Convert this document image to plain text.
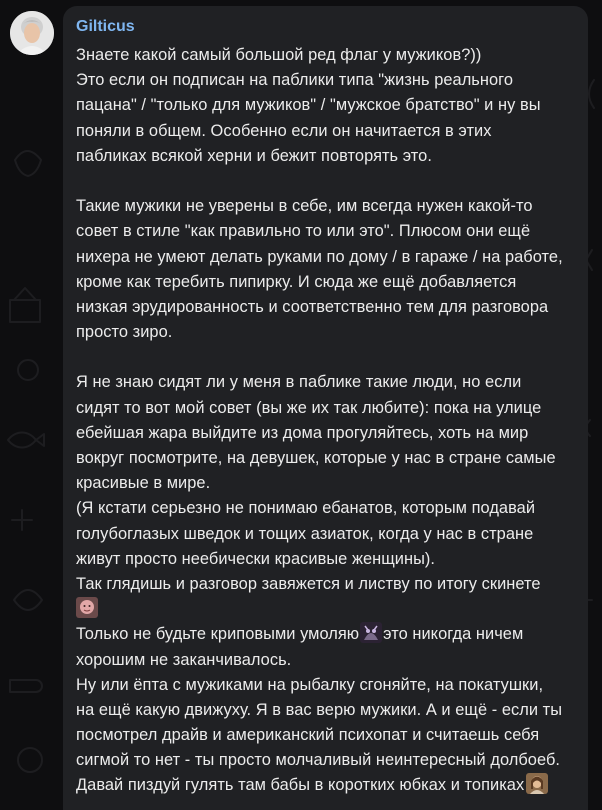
Gilticus
Знаете какой самый большой ред флаг у мужиков?))
Это если он подписан на паблики типа "жизнь реального
пацана" / "только для мужиков" / "мужское братство" и ну вы
поняли в общем. Особенно если он начитается в этих
пабликах всякой херни и бежит повторять это.
Такие мужики не уверены в себе, им всегда нужен какой-то
совет в стиле "как правильно то или это". Плюсом они ещё
нихера не умеют делать руками по дому / в гараже / на работе,
кроме как теребить пипирку. И сюда же ещё добавляется
низкая эрудированность и соответственно тем для разговора
просто зиро.
Я не знаю сидят ли у меня в паблике такие люди, но если
сидят то вот мой совет (вы же их так любите): пока на улице
ебейшая жара выйдите из дома прогуляйтесь, хоть на мир
вокруг посмотрите, на девушек, которые у нас в стране самые
красивые в мире.
(Я кстати серьезно не понимаю ебанатов, которым подавай
голубоглазых шведок и тощих азиаток, когда у нас в стране
живут просто неебически красивые женщины).
Так глядишь и разговор завяжется и листву по итогу скинете
Только не будьте криповыми умоляю это никогда ничем
хорошим не заканчивалось.
Ну или ёпта с мужиками на рыбалку сгоняйте, на покатушки,
на ещё какую движуху. Я в вас верю мужики. А и ещё - если ты
посмотрел драйв и американский психопат и считаешь себя
сигмой то нет - ты просто молчаливый неинтересный долбоеб.
Давай пиздуй гулять там бабы в коротких юбках и топиках
